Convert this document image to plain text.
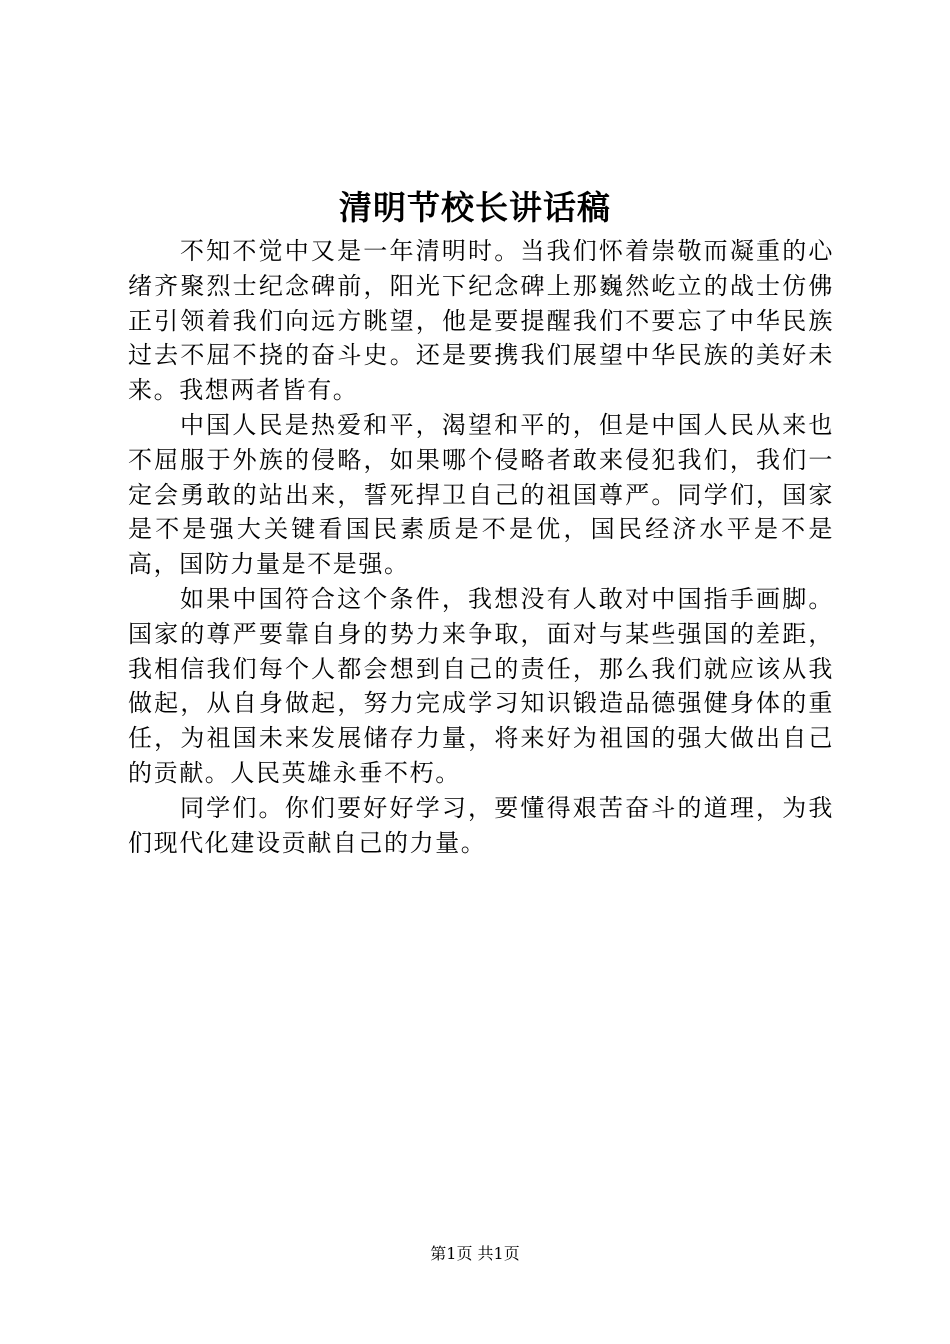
清明节校长讲话稿

不知不觉中又是一年清明时。当我们怀着崇敬而凝重的心绪齐聚烈士纪念碑前，阳光下纪念碑上那巍然屹立的战士仿佛正引领着我们向远方眺望，他是要提醒我们不要忘了中华民族过去不屈不挠的奋斗史。还是要携我们展望中华民族的美好未来。我想两者皆有。

中国人民是热爱和平，渴望和平的，但是中国人民从来也不屈服于外族的侵略，如果哪个侵略者敢来侵犯我们，我们一定会勇敢的站出来，誓死捍卫自己的祖国尊严。同学们，国家是不是强大关键看国民素质是不是优，国民经济水平是不是高，国防力量是不是强。

如果中国符合这个条件，我想没有人敢对中国指手画脚。国家的尊严要靠自身的势力来争取，面对与某些强国的差距，我相信我们每个人都会想到自己的责任，那么我们就应该从我做起，从自身做起，努力完成学习知识锻造品德强健身体的重任，为祖国未来发展储存力量，将来好为祖国的强大做出自己的贡献。人民英雄永垂不朽。

同学们。你们要好好学习，要懂得艰苦奋斗的道理，为我们现代化建设贡献自己的力量。

第1页 共1页
